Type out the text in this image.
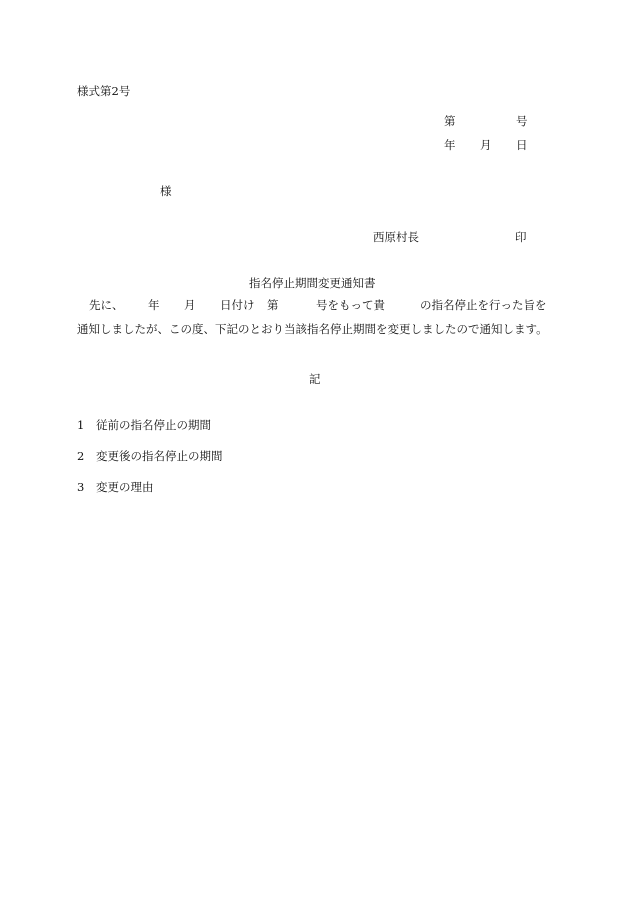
様式第2号
第	号
年 月 日
様
西原村長	印
指名停止期間変更通知書
先に、 年 月 日付け 第	号をもって貴	の指名停止を行った旨を
通知しましたが、この度、下記のとおり当該指名停止期間を変更しましたので通知します。
記
1 従前の指名停止の期間
2 変更後の指名停止の期間
3 変更の理由
